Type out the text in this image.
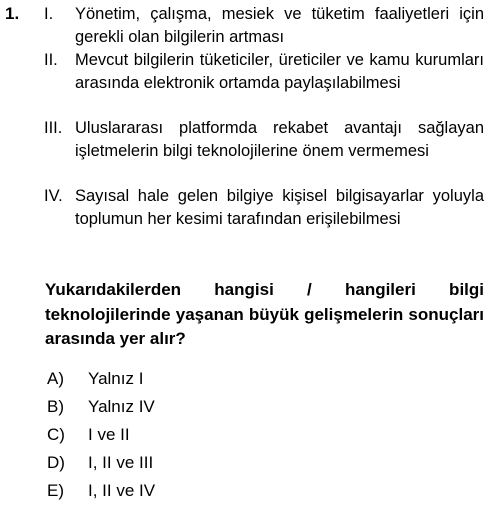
1. I.	Yönetim, çalışma, mesiek ve tüketim faaliyetleri için gerekli olan bilgilerin artması
II.	Mevcut bilgilerin tüketiciler, üreticiler ve kamu kurumları arasında elektronik ortamda paylaşılabilmesi
III. Uluslararası platformda rekabet avantajı sağlayan işletmelerin bilgi teknolojilerine önem vermemesi
IV. Sayısal hale gelen bilgiye kişisel bilgisayarlar yoluyla toplumun her kesimi tarafından erişilebilmesi
Yukarıdakilerden hangisi / hangileri bilgi teknolojilerinde yaşanan büyük gelişmelerin sonuçları arasında yer alır?
A) Yalnız I
B) Yalnız IV
C) I ve II
D) I, II ve III
E) I, II ve IV
